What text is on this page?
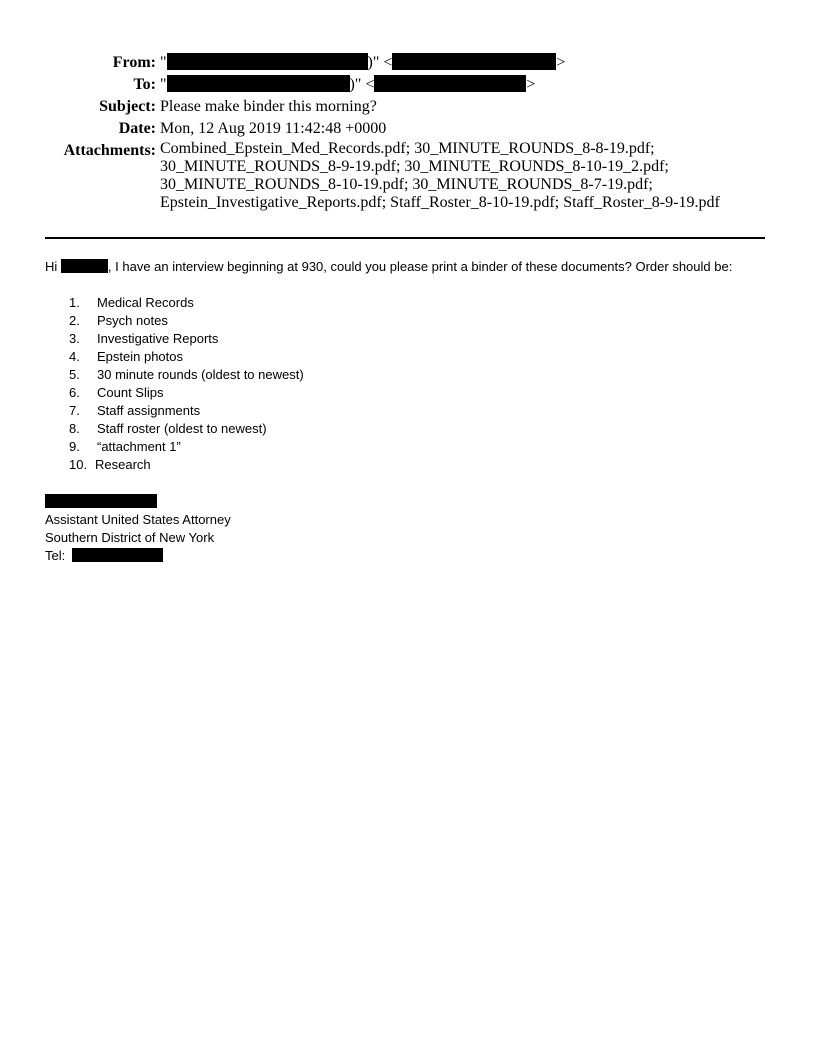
From: "	)" <	>
To: "	)" <	>
Subject: Please make binder this morning?
Date: Mon, 12 Aug 2019 11:42:48 +0000
Attachments: Combined_Epstein_Med_Records.pdf; 30_MINUTE_ROUNDS_8-8-19.pdf;
30_MINUTE_ROUNDS_8-9-19.pdf; 30_MINUTE_ROUNDS_8-10-19_2.pdf;
30_MINUTE_ROUNDS_8-10-19.pdf; 30_MINUTE_ROUNDS_8-7-19.pdf;
Epstein_Investigative_Reports.pdf; Staff_Roster_8-10-19.pdf; Staff_Roster_8-9-19.pdf

Hi	, I have an interview beginning at 930, could you please print a binder of these documents? Order should be:

1.	Medical Records
2.	Psych notes
3.	Investigative Reports
4.	Epstein photos
5.	30 minute rounds (oldest to newest)
6.	Count Slips
7.	Staff assignments
8.	Staff roster (oldest to newest)
9.	“attachment 1”
10. Research
Assistant United States Attorney
Southern District of New York
Tel:
